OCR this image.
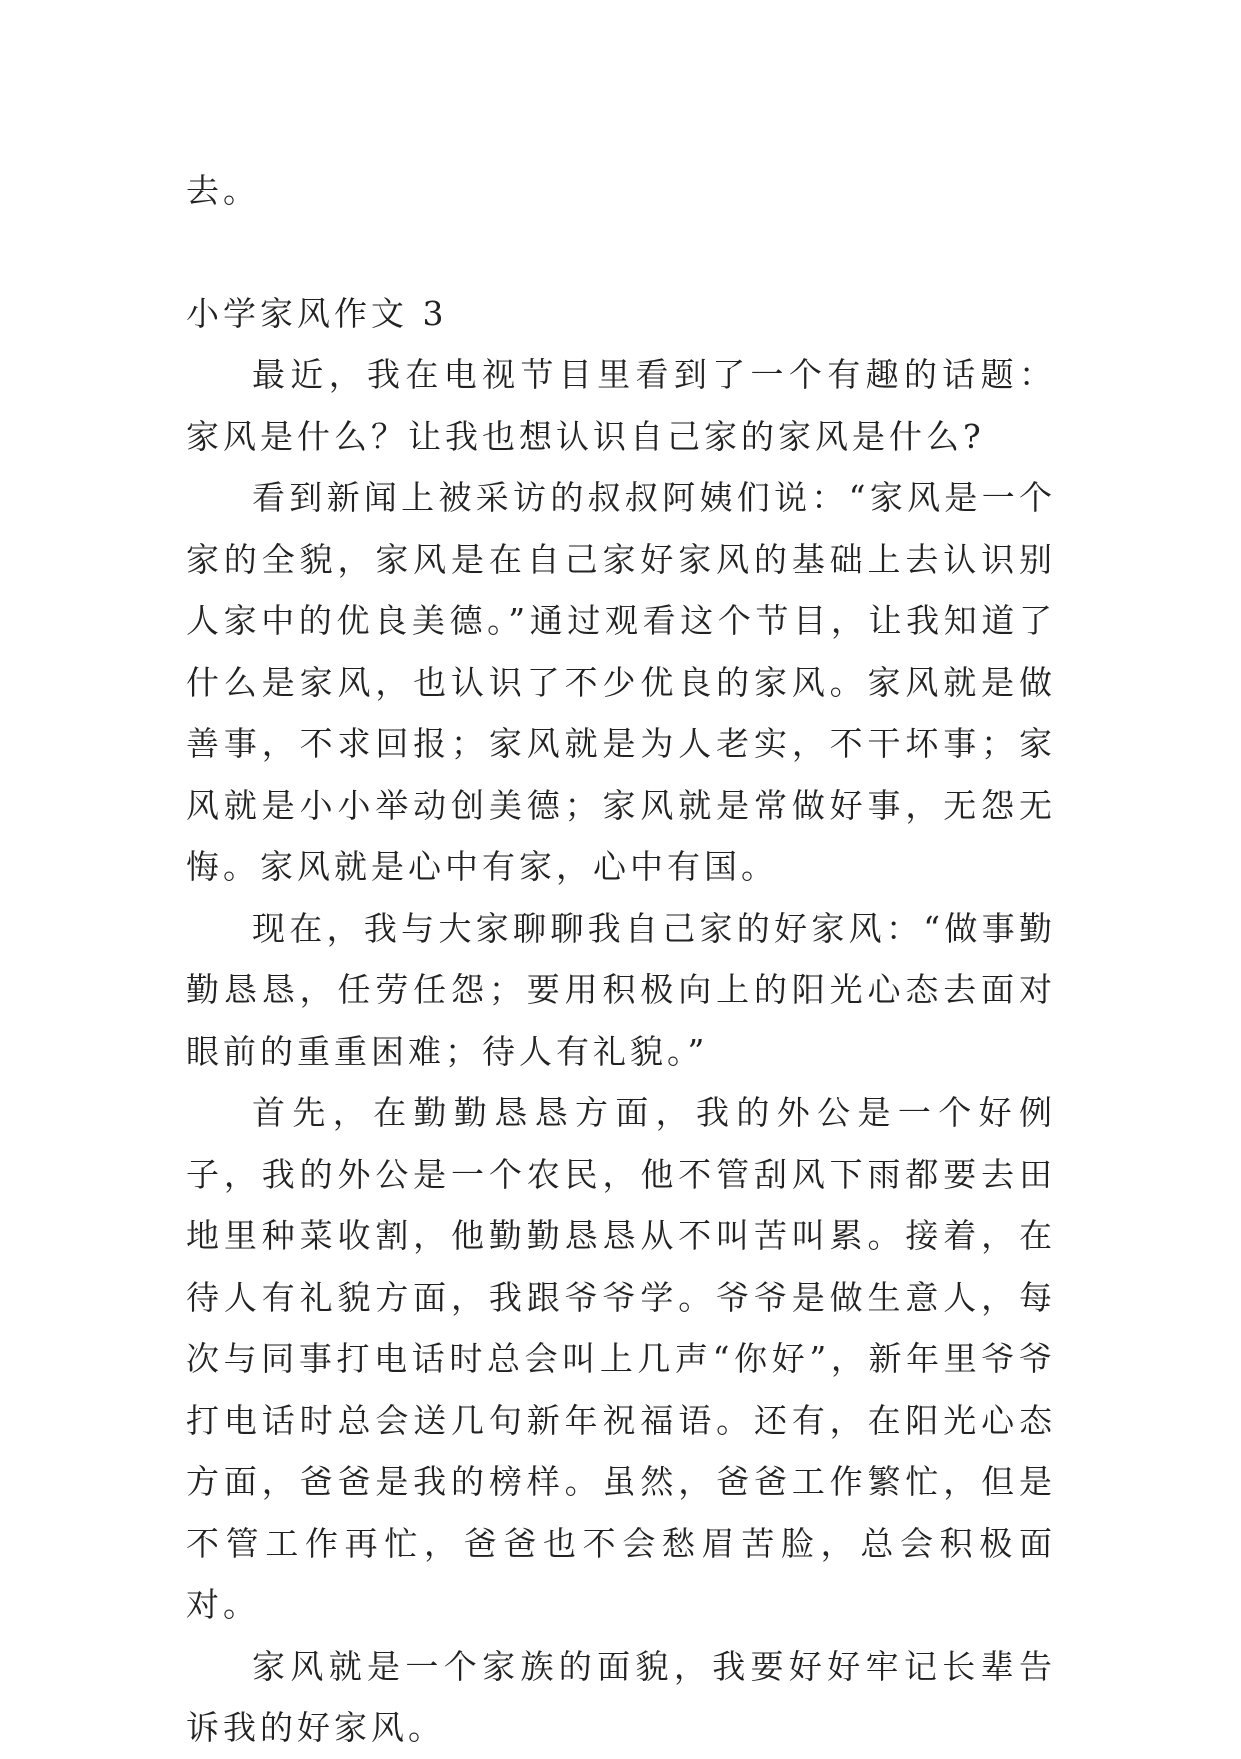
去。

小学家风作文 3

最近，我在电视节目里看到了一个有趣的话题：家风是什么？让我也想认识自己家的家风是什么?

看到新闻上被采访的叔叔阿姨们说：“家风是一个家的全貌，家风是在自己家好家风的基础上去认识别人家中的优良美德。”通过观看这个节目，让我知道了什么是家风，也认识了不少优良的家风。家风就是做善事，不求回报；家风就是为人老实，不干坏事；家风就是小小举动创美德；家风就是常做好事，无怨无悔。家风就是心中有家，心中有国。

现在，我与大家聊聊我自己家的好家风：“做事勤勤恳恳，任劳任怨；要用积极向上的阳光心态去面对眼前的重重困难；待人有礼貌。”

首先，在勤勤恳恳方面，我的外公是一个好例子，我的外公是一个农民，他不管刮风下雨都要去田地里种菜收割，他勤勤恳恳从不叫苦叫累。接着，在待人有礼貌方面，我跟爷爷学。爷爷是做生意人，每次与同事打电话时总会叫上几声“你好”，新年里爷爷打电话时总会送几句新年祝福语。还有，在阳光心态方面，爸爸是我的榜样。虽然，爸爸工作繁忙，但是不管工作再忙，爸爸也不会愁眉苦脸，总会积极面对。

家风就是一个家族的面貌，我要好好牢记长辈告诉我的好家风。
